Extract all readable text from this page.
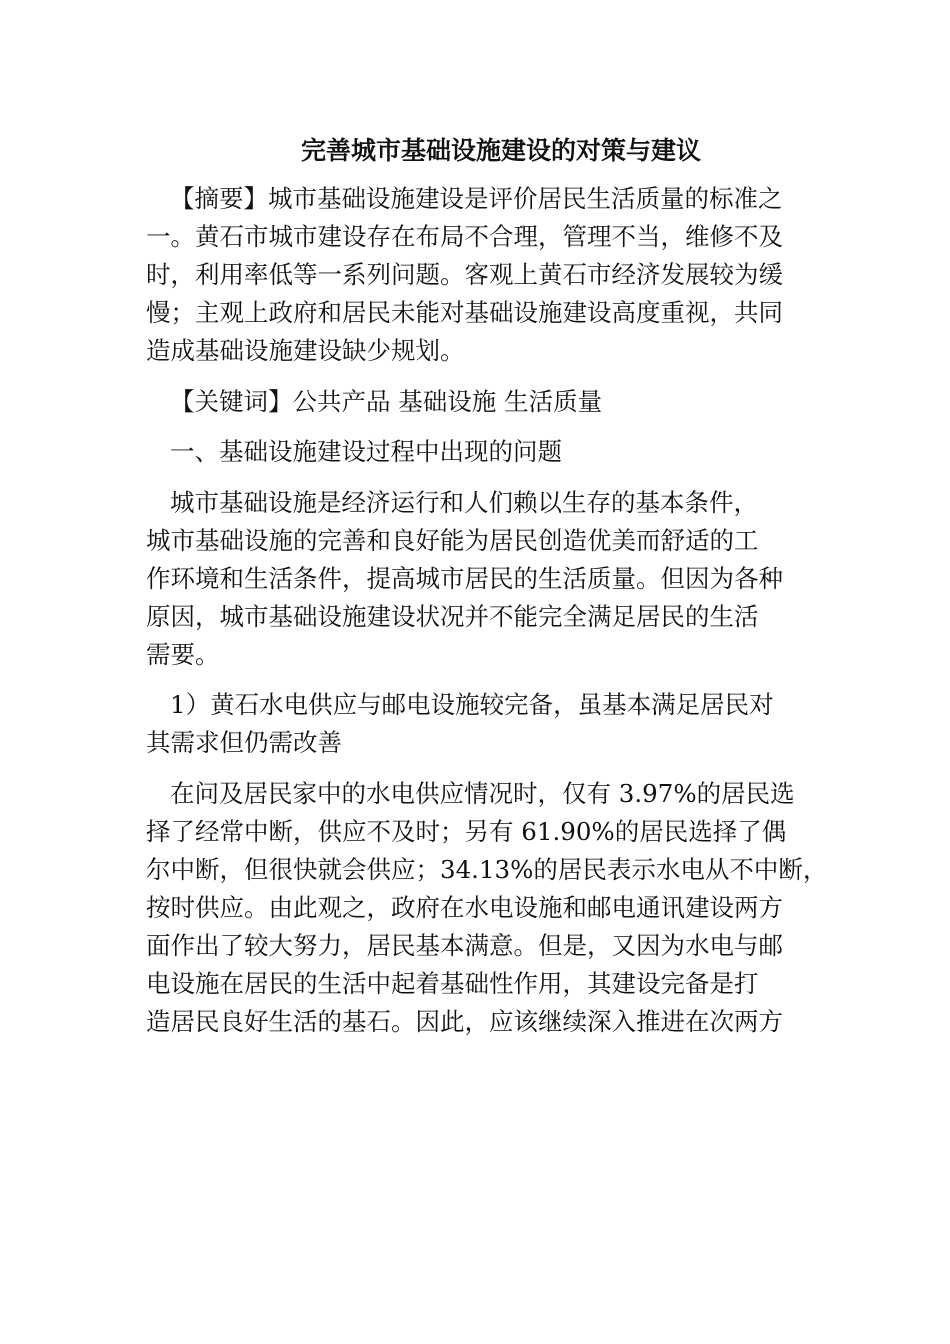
完善城市基础设施建设的对策与建议

【摘要】城市基础设施建设是评价居民生活质量的标准之
一。黄石市城市建设存在布局不合理，管理不当，维修不及
时，利用率低等一系列问题。客观上黄石市经济发展较为缓
慢；主观上政府和居民未能对基础设施建设高度重视，共同
造成基础设施建设缺少规划。

【关键词】公共产品 基础设施 生活质量

一、基础设施建设过程中出现的问题

城市基础设施是经济运行和人们赖以生存的基本条件，
城市基础设施的完善和良好能为居民创造优美而舒适的工
作环境和生活条件，提高城市居民的生活质量。但因为各种
原因，城市基础设施建设状况并不能完全满足居民的生活
需要。

1）黄石水电供应与邮电设施较完备，虽基本满足居民对
其需求但仍需改善

在问及居民家中的水电供应情况时，仅有 3.97%的居民选
择了经常中断，供应不及时；另有 61.90%的居民选择了偶
尔中断，但很快就会供应；34.13%的居民表示水电从不中断，
按时供应。由此观之，政府在水电设施和邮电通讯建设两方
面作出了较大努力，居民基本满意。但是，又因为水电与邮
电设施在居民的生活中起着基础性作用，其建设完备是打
造居民良好生活的基石。因此，应该继续深入推进在次两方
